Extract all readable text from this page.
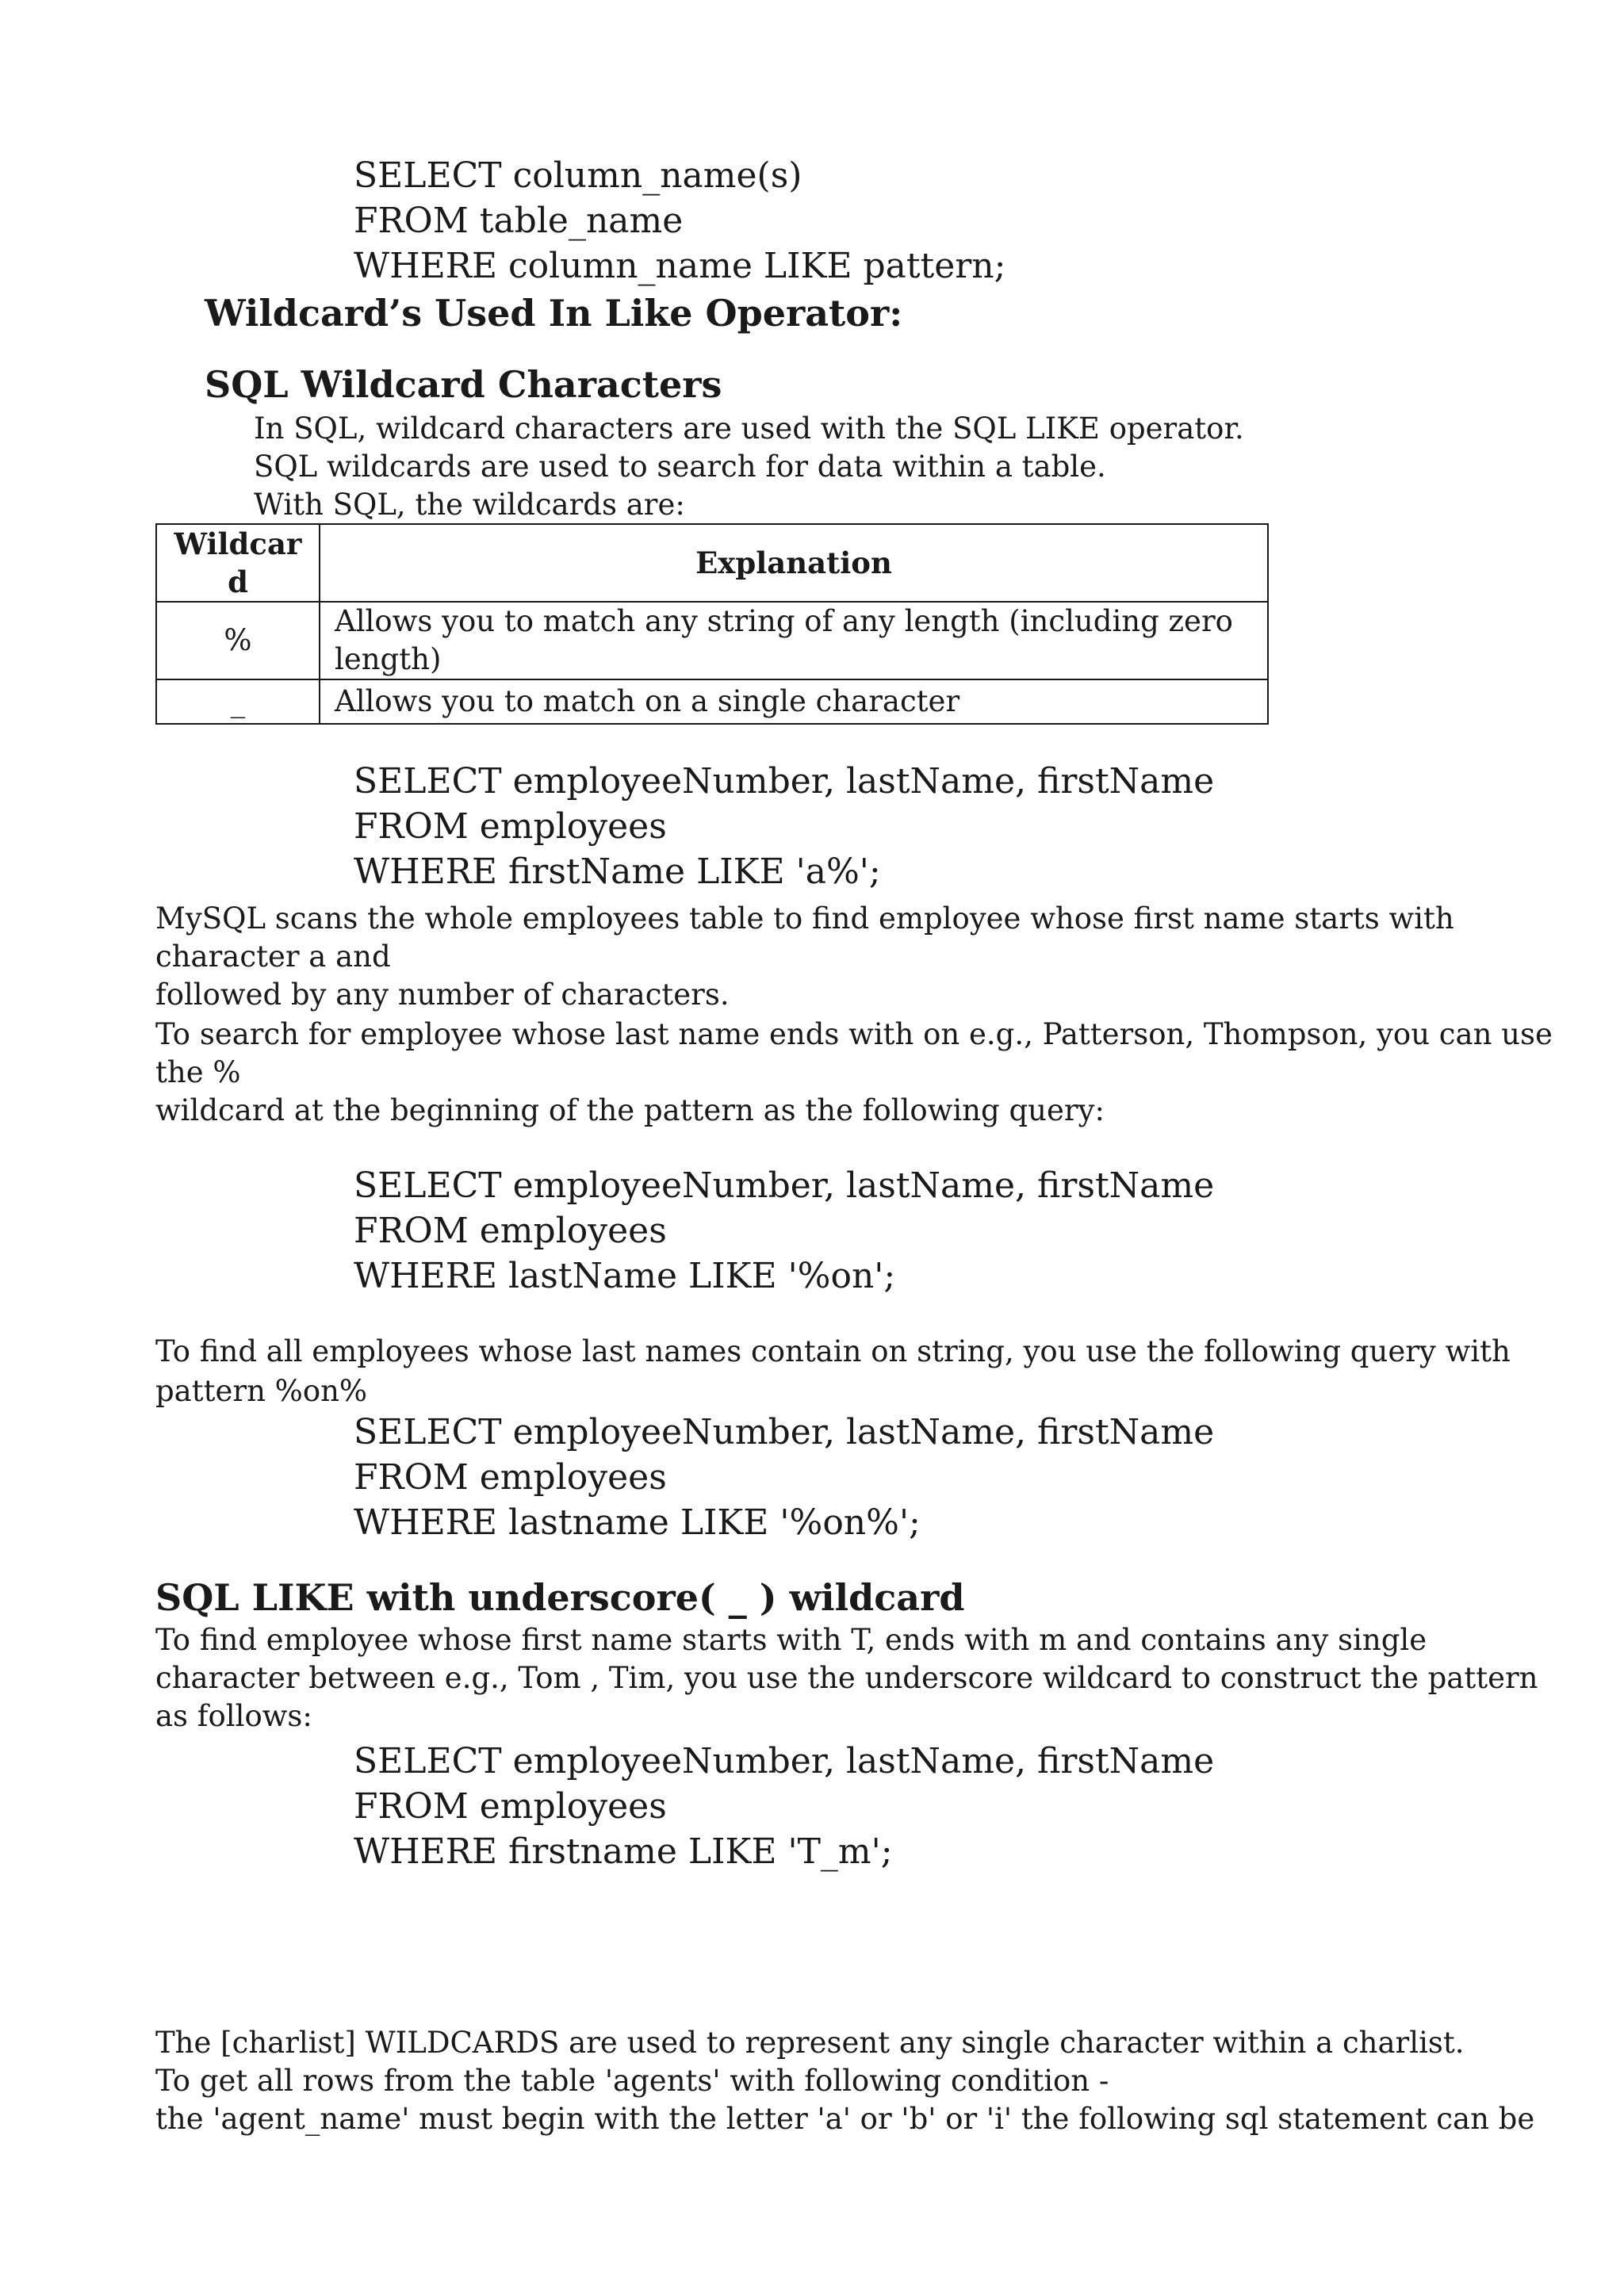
SELECT column_name(s)
FROM table_name
WHERE column_name LIKE pattern;
Wildcard’s Used In Like Operator:
SQL Wildcard Characters
In SQL, wildcard characters are used with the SQL LIKE operator.
SQL wildcards are used to search for data within a table.
With SQL, the wildcards are:
Wildcar
d	Explanation
%	Allows you to match any string of any length (including zero
length)

_	Allows you to match on a single character
SELECT employeeNumber, lastName, firstName
FROM employees
WHERE firstName LIKE 'a%';
MySQL scans the whole employees table to find employee whose first name starts with
character a and
followed by any number of characters.
To search for employee whose last name ends with on e.g., Patterson, Thompson, you can use
the %
wildcard at the beginning of the pattern as the following query:
SELECT employeeNumber, lastName, firstName
FROM employees
WHERE lastName LIKE '%on';
To find all employees whose last names contain on string, you use the following query with
pattern %on%
SELECT employeeNumber, lastName, firstName
FROM employees
WHERE lastname LIKE '%on%';
SQL LIKE with underscore( _ ) wildcard
To find employee whose first name starts with T, ends with m and contains any single
character between e.g., Tom , Tim, you use the underscore wildcard to construct the pattern
as follows:
SELECT employeeNumber, lastName, firstName
FROM employees
WHERE firstname LIKE 'T_m';
The [charlist] WILDCARDS are used to represent any single character within a charlist.
To get all rows from the table 'agents' with following condition -
the 'agent_name' must begin with the letter 'a' or 'b' or 'i' the following sql statement can be
